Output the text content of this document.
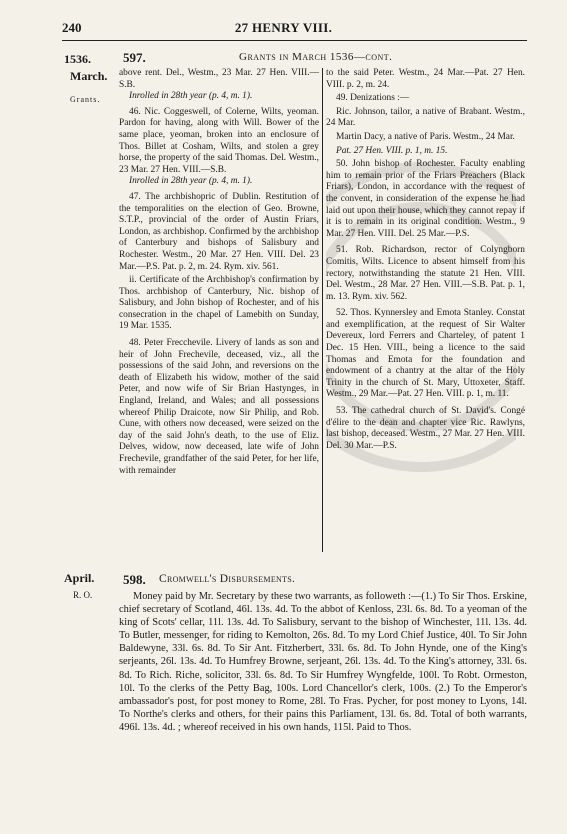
240	27 HENRY VIII.
1536.
March.
Grants.
597.	Grants in March 1536—cont.

above rent. Del., Westm., 23 Mar. 27 Hen. VIII.—S.B.

Inrolled in 28th year (p. 4, m. 1).

46. Nic. Coggeswell, of Colerne, Wilts, yeoman. Pardon for having, along with Will. Bower of the same place, yeoman, broken into an enclosure of Thos. Billet at Cosham, Wilts, and stolen a grey horse, the property of the said Thomas. Del. Westm., 23 Mar. 27 Hen. VIII.—S.B.

Inrolled in 28th year (p. 4, m. 1).

47. The archbishopric of Dublin. Restitution of the temporalities on the election of Geo. Browne, S.T.P., provincial of the order of Austin Friars, London, as archbishop. Confirmed by the archbishop of Canterbury and bishops of Salisbury and Rochester. Westm., 20 Mar. 27 Hen. VIII. Del. 23 Mar.—P.S. Pat. p. 2, m. 24. Rym. xiv. 561.

ii. Certificate of the Archbishop's confirmation by Thos. archbishop of Canterbury, Nic. bishop of Salisbury, and John bishop of Rochester, and of his consecration in the chapel of Lamebith on Sunday, 19 Mar. 1535.

48. Peter Frecchevile. Livery of lands as son and heir of John Frechevile, deceased, viz., all the possessions of the said John, and reversions on the death of Elizabeth his widow, mother of the said Peter, and now wife of Sir Brian Hastynges, in England, Ireland, and Wales; and all possessions whereof Philip Draicote, now Sir Philip, and Rob. Cune, with others now deceased, were seized on the day of the said John's death, to the use of Eliz. Delves, widow, now deceased, late wife of John Frechevile, grandfather of the said Peter, for her life, with remainder

to the said Peter. Westm., 24 Mar.—Pat. 27 Hen. VIII. p. 2, m. 24.

49. Denizations :—

Ric. Johnson, tailor, a native of Brabant. Westm., 24 Mar.

Martin Dacy, a native of Paris. Westm., 24 Mar.

Pat. 27 Hen. VIII. p. 1, m. 15.

50. John bishop of Rochester. Faculty enabling him to remain prior of the Friars Preachers (Black Friars), London, in accordance with the request of the convent, in consideration of the expense he had laid out upon their house, which they cannot repay if it is to remain in its original condition. Westm., 9 Mar. 27 Hen. VIII. Del. 25 Mar.—P.S.

51. Rob. Richardson, rector of Colyngborn Comitis, Wilts. Licence to absent himself from his rectory, notwithstanding the statute 21 Hen. VIII. Del. Westm., 28 Mar. 27 Hen. VIII.—S.B. Pat. p. 1, m. 13. Rym. xiv. 562.

52. Thos. Kynnersley and Emota Stanley. Constat and exemplification, at the request of Sir Walter Devereux, lord Ferrers and Charteley, of patent 1 Dec. 15 Hen. VIII., being a licence to the said Thomas and Emota for the foundation and endowment of a chantry at the altar of the Holy Trinity in the church of St. Mary, Uttoxeter, Staff. Westm., 29 Mar.—Pat. 27 Hen. VIII. p. 1, m. 11.

53. The cathedral church of St. David's. Congé d'élire to the dean and chapter vice Ric. Rawlyns, last bishop, deceased. Westm., 27 Mar. 27 Hen. VIII. Del. 30 Mar.—P.S.

April.
R. O.
598. Cromwell's Disbursements.

Money paid by Mr. Secretary by these two warrants, as followeth :—(1.) To Sir Thos. Erskine, chief secretary of Scotland, 46l. 13s. 4d. To the abbot of Kenloss, 23l. 6s. 8d. To a yeoman of the king of Scots' cellar, 11l. 13s. 4d. To Salisbury, servant to the bishop of Winchester, 11l. 13s. 4d. To Butler, messenger, for riding to Kemolton, 26s. 8d. To my Lord Chief Justice, 40l. To Sir John Baldewyne, 33l. 6s. 8d. To Sir Ant. Fitzherbert, 33l. 6s. 8d. To John Hynde, one of the King's serjeants, 26l. 13s. 4d. To Humfrey Browne, serjeant, 26l. 13s. 4d. To the King's attorney, 33l. 6s. 8d. To Rich. Riche, solicitor, 33l. 6s. 8d. To Sir Humfrey Wyngfelde, 100l. To Robt. Ormeston, 10l. To the clerks of the Petty Bag, 100s. Lord Chancellor's clerk, 100s. (2.) To the Emperor's ambassador's post, for post money to Rome, 28l. To Fras. Pycher, for post money to Lyons, 14l. To Northe's clerks and others, for their pains this Parliament, 13l. 6s. 8d. Total of both warrants, 496l. 13s. 4d. ; whereof received in his own hands, 115l. Paid to Thos.
